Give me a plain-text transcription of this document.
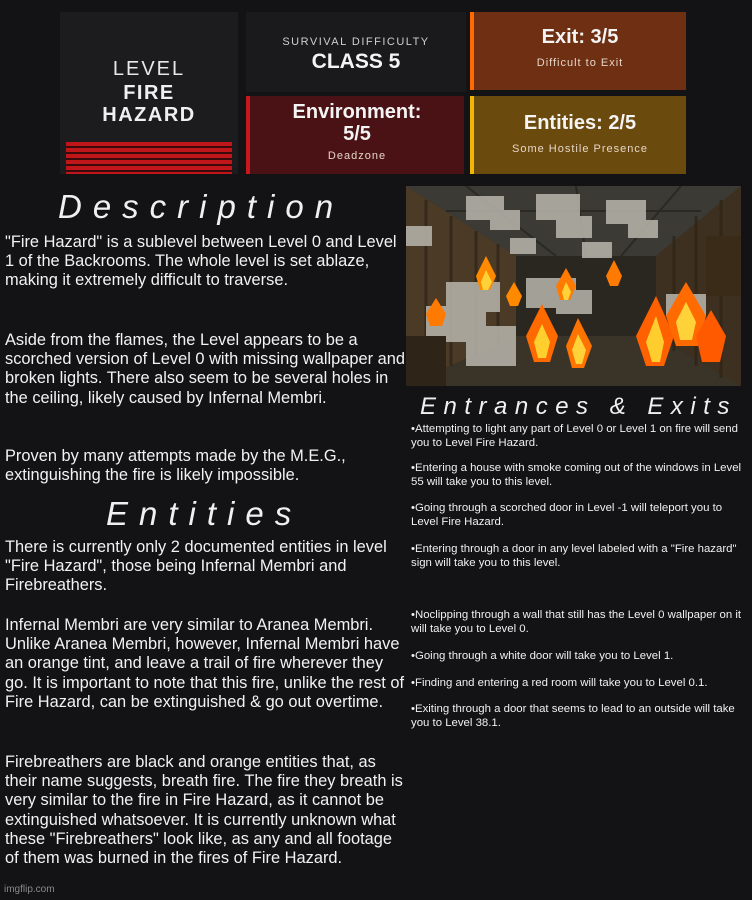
LEVEL
FIRE
HAZARD
SURVIVAL DIFFICULTY
CLASS 5
Exit: 3/5
Difficult to Exit
Environment:
5/5
Deadzone
Entities: 2/5
Some Hostile Presence
Description
"Fire Hazard" is a sublevel between Level 0 and Level 1 of the Backrooms. The whole level is set ablaze, making it extremely difficult to traverse.
Aside from the flames, the Level appears to be a scorched version of Level 0 with missing wallpaper and broken lights. There also seem to be several holes in the ceiling, likely caused by Infernal Membri.
Proven by many attempts made by the M.E.G., extinguishing the fire is likely impossible.
Entities
There is currently only 2 documented entities in level "Fire Hazard", those being Infernal Membri and Firebreathers.
Infernal Membri are very similar to Aranea Membri. Unlike Aranea Membri, however, Infernal Membri have an orange tint, and leave a trail of fire wherever they go. It is important to note that this fire, unlike the rest of Fire Hazard, can be extinguished & go out overtime.
Firebreathers are black and orange entities that, as their name suggests, breath fire. The fire they breath is very similar to the fire in Fire Hazard, as it cannot be extinguished whatsoever. It is currently unknown what these "Firebreathers" look like, as any and all footage of them was burned in the fires of Fire Hazard.
Entrances & Exits
•Attempting to light any part of Level 0 or Level 1 on fire will send you to Level Fire Hazard.
•Entering a house with smoke coming out of the windows in Level 55 will take you to this level.
•Going through a scorched door in Level -1 will teleport you to Level Fire Hazard.
•Entering through a door in any level labeled with a "Fire hazard" sign will take you to this level.
•Noclipping through a wall that still has the Level 0 wallpaper on it will take you to Level 0.
•Going through a white door will take you to Level 1.
•Finding and entering a red room will take you to Level 0.1.
•Exiting through a door that seems to lead to an outside will take you to Level 38.1.
imgflip.com
